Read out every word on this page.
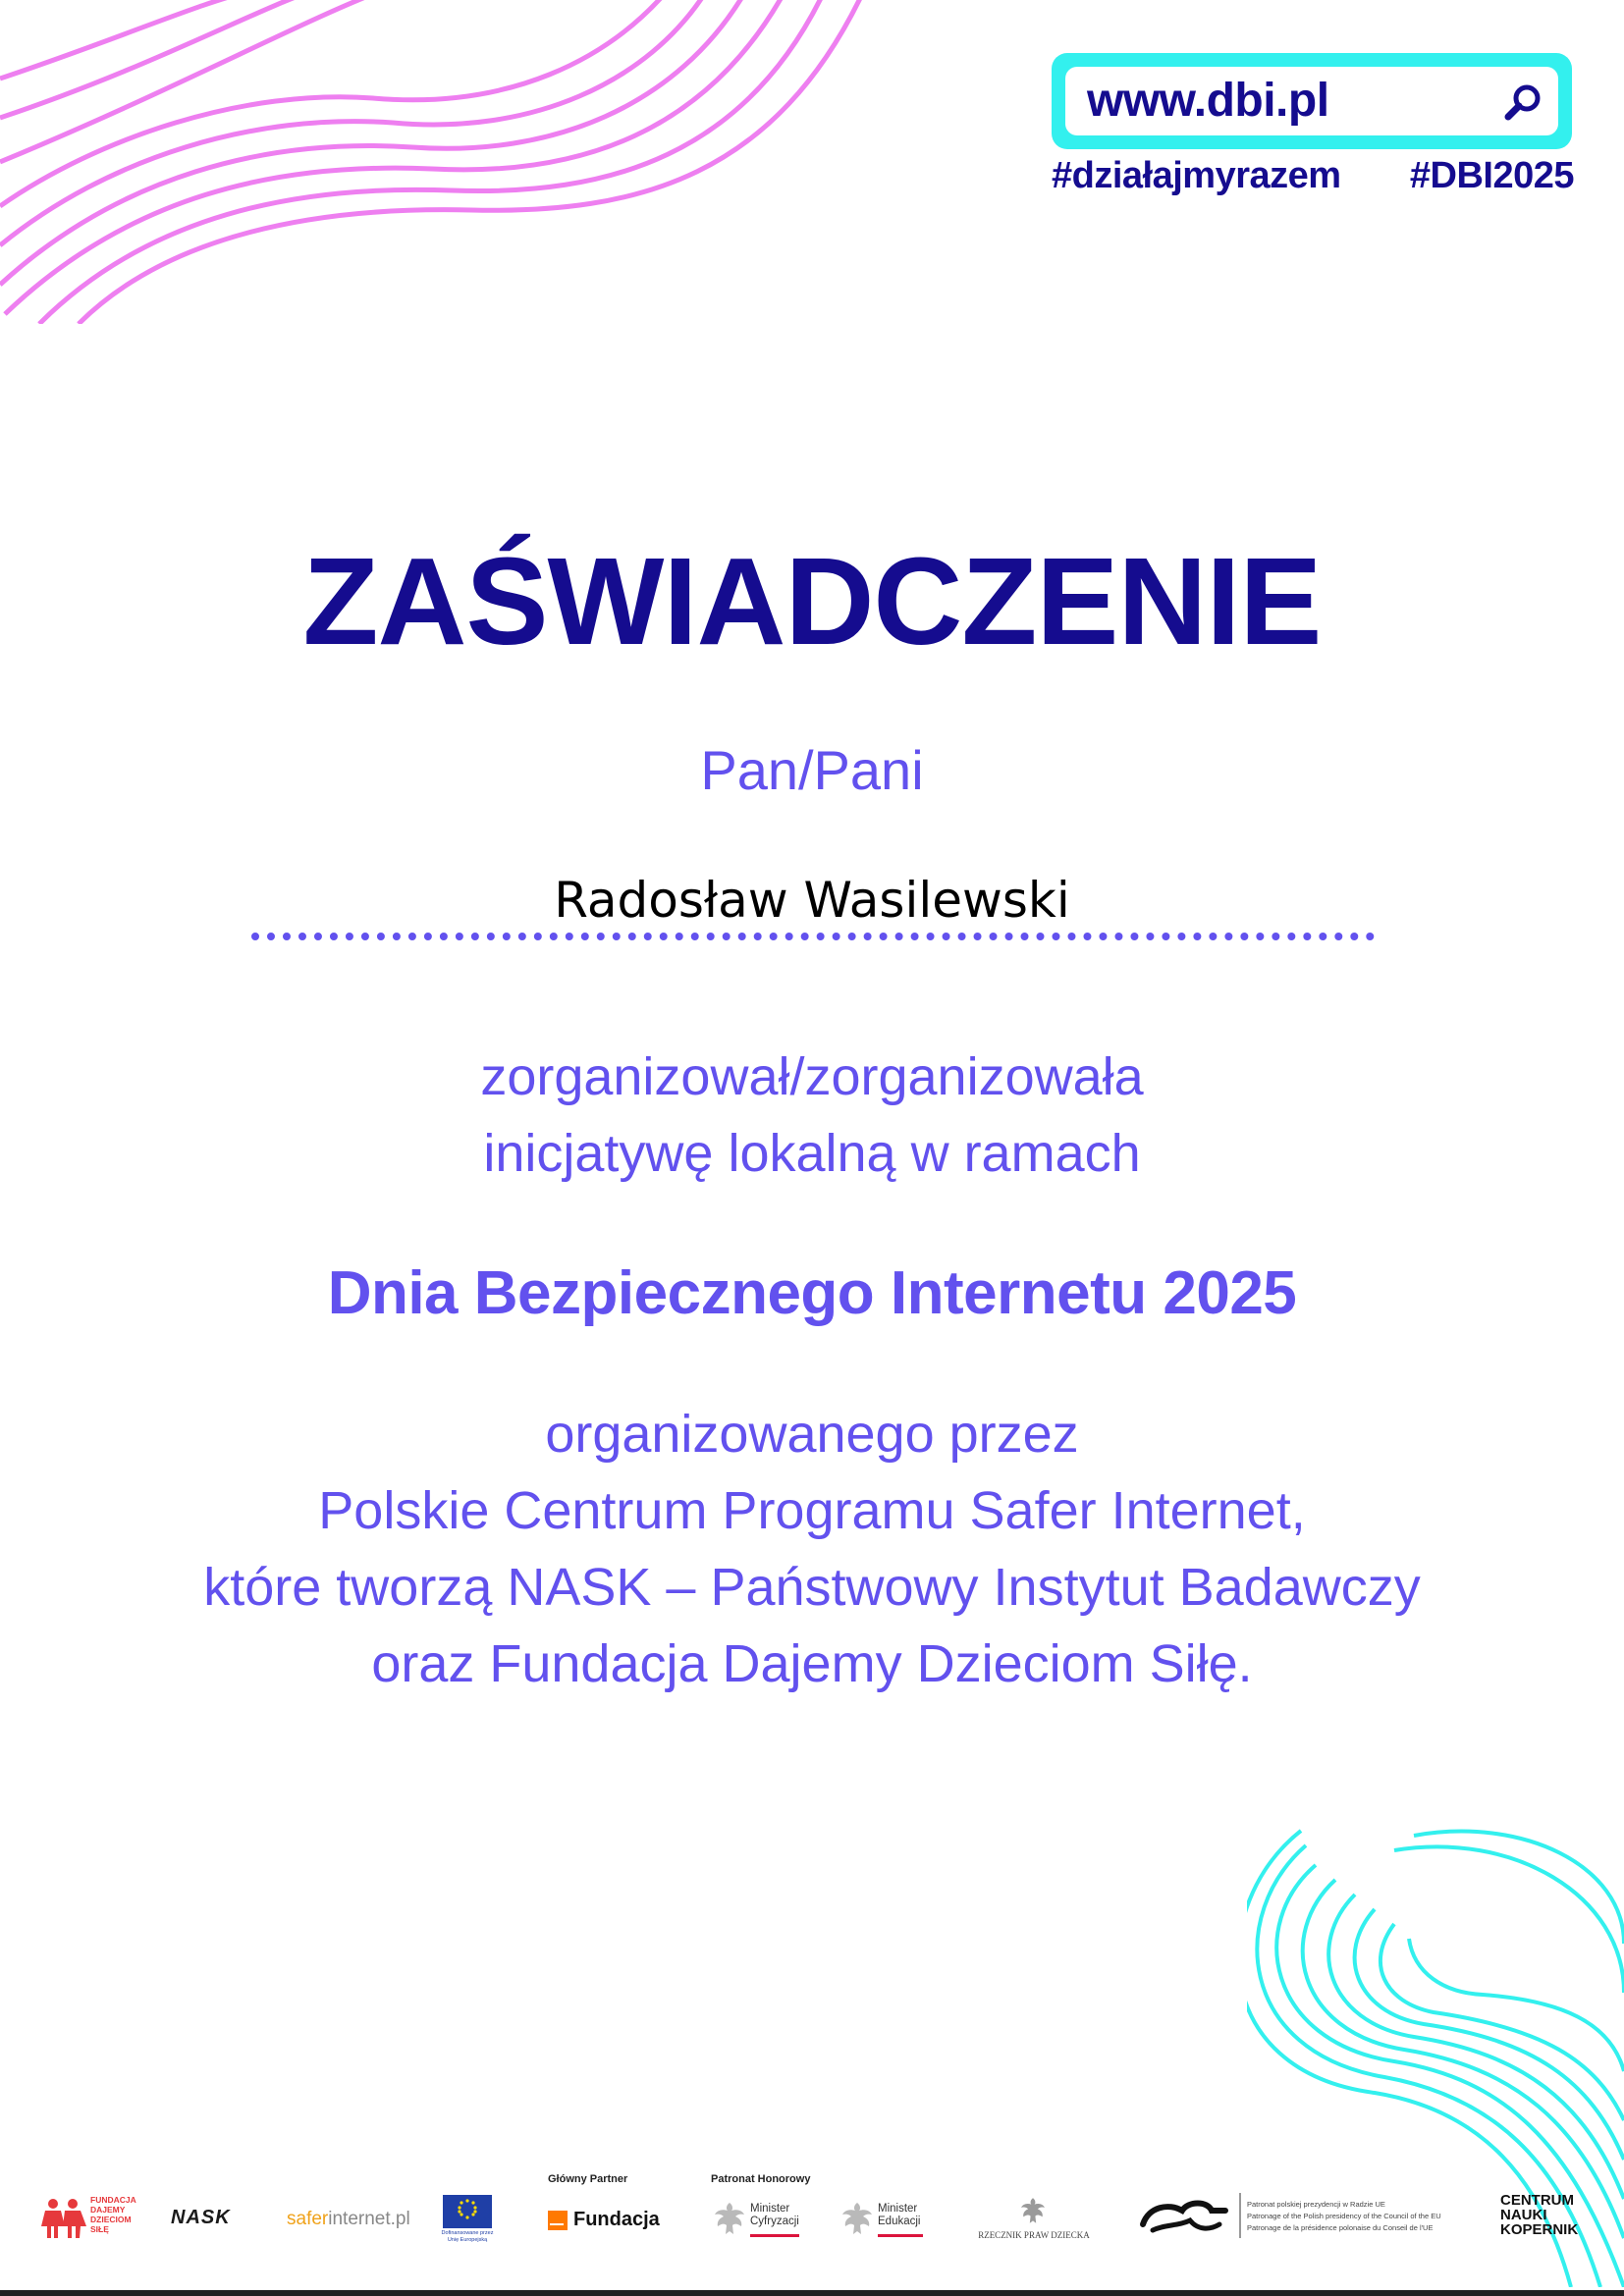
www.dbi.pl
#działajmyrazem #DBI2025
ZAŚWIADCZENIE
Pan/Pani
Radosław Wasilewski
zorganizował/zorganizowała
inicjatywę lokalną w ramach
Dnia Bezpiecznego Internetu 2025
organizowanego przez
Polskie Centrum Programu Safer Internet,
które tworzą NASK – Państwowy Instytut Badawczy
oraz Fundacja Dajemy Dzieciom Siłę.
FUNDACJA
DAJEMY
DZIECIOM
SIŁĘ
NASK	saferinternet.pl
Dofinansowane przez
Unię Europejską
Główny Partner
Fundacja
Patronat Honorowy
Minister
Cyfryzacji
Minister
Edukacji
RZECZNIK PRAW DZIECKA
Patronat polskiej prezydencji w Radzie UE
Patronage of the Polish presidency of the Council of the EU
Patronage de la présidence polonaise du Conseil de l'UE
CENTRUM
NAUKI
KOPERNIK
